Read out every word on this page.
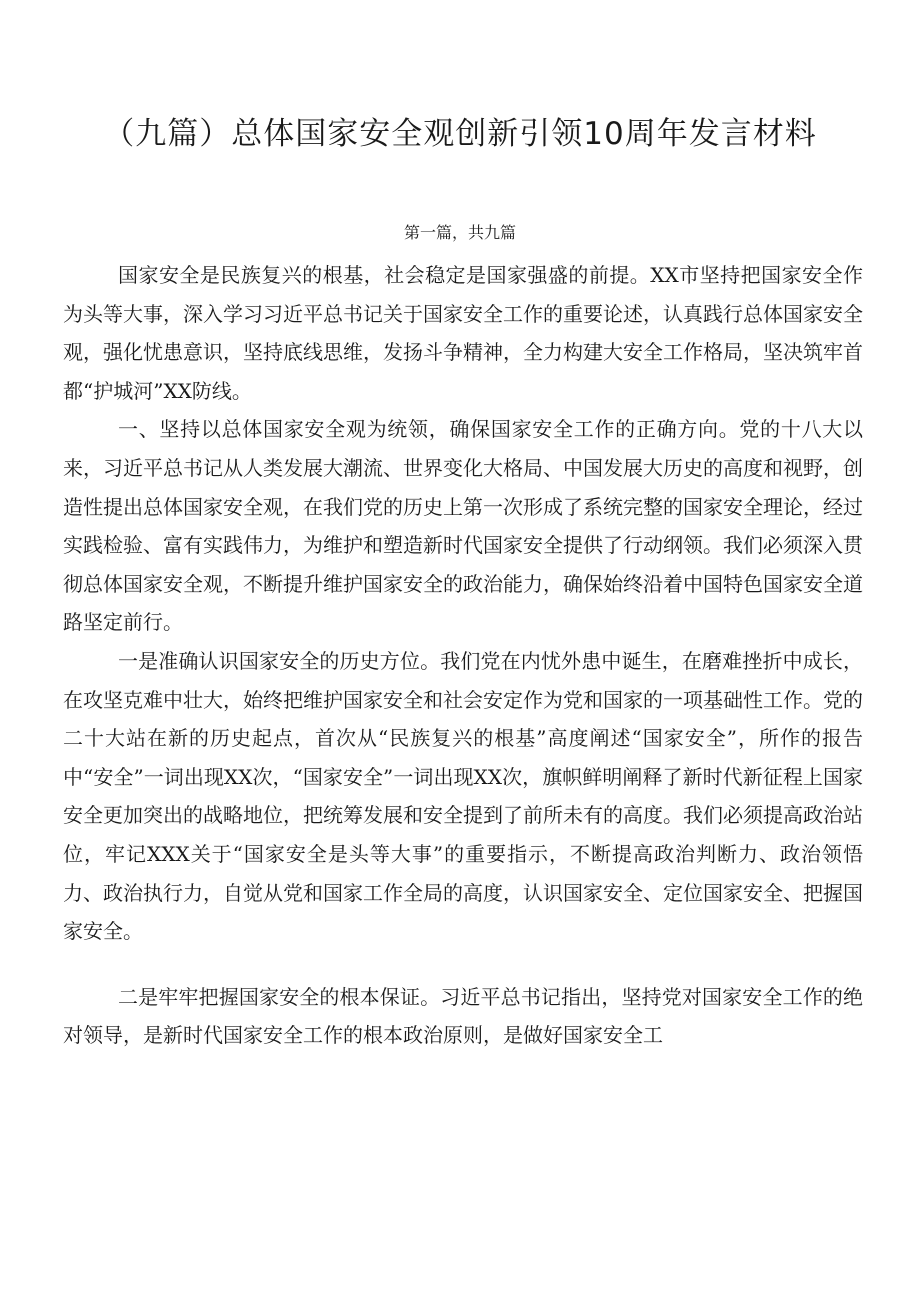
（九篇）总体国家安全观创新引领10周年发言材料
第一篇，共九篇

国家安全是民族复兴的根基，社会稳定是国家强盛的前提。XX市坚持把国家安全作为头等大事，深入学习习近平总书记关于国家安全工作的重要论述，认真践行总体国家安全观，强化忧患意识，坚持底线思维，发扬斗争精神，全力构建大安全工作格局，坚决筑牢首都“护城河”XX防线。

一、坚持以总体国家安全观为统领，确保国家安全工作的正确方向。党的十八大以来，习近平总书记从人类发展大潮流、世界变化大格局、中国发展大历史的高度和视野，创造性提出总体国家安全观，在我们党的历史上第一次形成了系统完整的国家安全理论，经过实践检验、富有实践伟力，为维护和塑造新时代国家安全提供了行动纲领。我们必须深入贯彻总体国家安全观，不断提升维护国家安全的政治能力，确保始终沿着中国特色国家安全道路坚定前行。

一是准确认识国家安全的历史方位。我们党在内忧外患中诞生，在磨难挫折中成长，在攻坚克难中壮大，始终把维护国家安全和社会安定作为党和国家的一项基础性工作。党的二十大站在新的历史起点，首次从“民族复兴的根基”高度阐述“国家安全”，所作的报告中“安全”一词出现XX次，“国家安全”一词出现XX次，旗帜鲜明阐释了新时代新征程上国家安全更加突出的战略地位，把统筹发展和安全提到了前所未有的高度。我们必须提高政治站位，牢记XXX关于“国家安全是头等大事”的重要指示，不断提高政治判断力、政治领悟力、政治执行力，自觉从党和国家工作全局的高度，认识国家安全、定位国家安全、把握国家安全。

二是牢牢把握国家安全的根本保证。习近平总书记指出，坚持党对国家安全工作的绝对领导，是新时代国家安全工作的根本政治原则，是做好国家安全工
